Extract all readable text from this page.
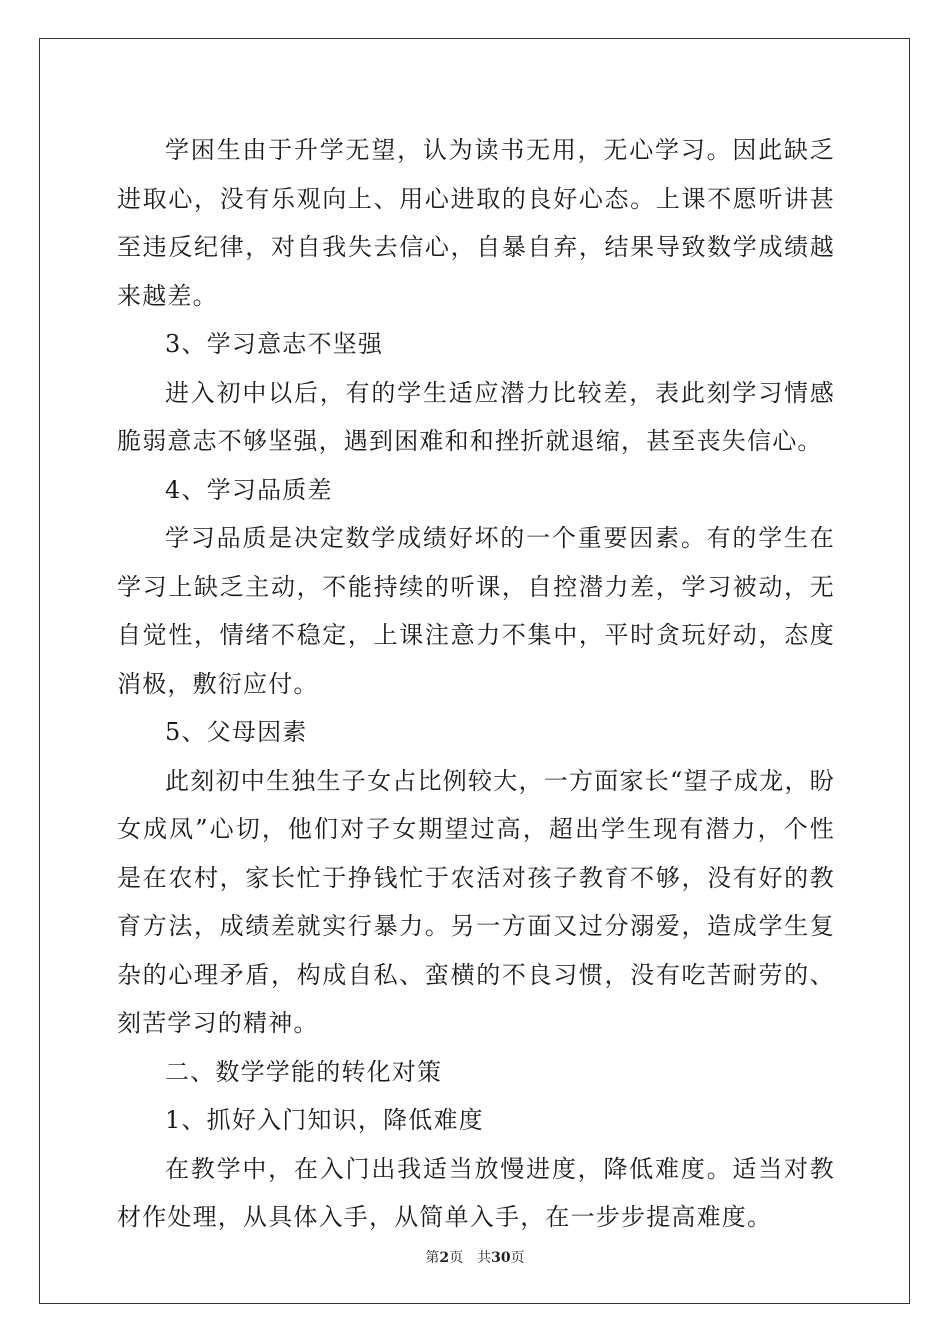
学困生由于升学无望，认为读书无用，无心学习。因此缺乏进取心，没有乐观向上、用心进取的良好心态。上课不愿听讲甚至违反纪律，对自我失去信心，自暴自弃，结果导致数学成绩越来越差。

3、学习意志不坚强

进入初中以后，有的学生适应潜力比较差，表此刻学习情感脆弱意志不够坚强，遇到困难和和挫折就退缩，甚至丧失信心。

4、学习品质差

学习品质是决定数学成绩好坏的一个重要因素。有的学生在学习上缺乏主动，不能持续的听课，自控潜力差，学习被动，无自觉性，情绪不稳定，上课注意力不集中，平时贪玩好动，态度消极，敷衍应付。

5、父母因素

此刻初中生独生子女占比例较大，一方面家长“望子成龙，盼女成凤”心切，他们对子女期望过高，超出学生现有潜力，个性是在农村，家长忙于挣钱忙于农活对孩子教育不够，没有好的教育方法，成绩差就实行暴力。另一方面又过分溺爱，造成学生复杂的心理矛盾，构成自私、蛮横的不良习惯，没有吃苦耐劳的、刻苦学习的精神。

二、数学学能的转化对策

1、抓好入门知识，降低难度

在教学中，在入门出我适当放慢进度，降低难度。适当对教材作处理，从具体入手，从简单入手，在一步步提高难度。

第2页 共30页
